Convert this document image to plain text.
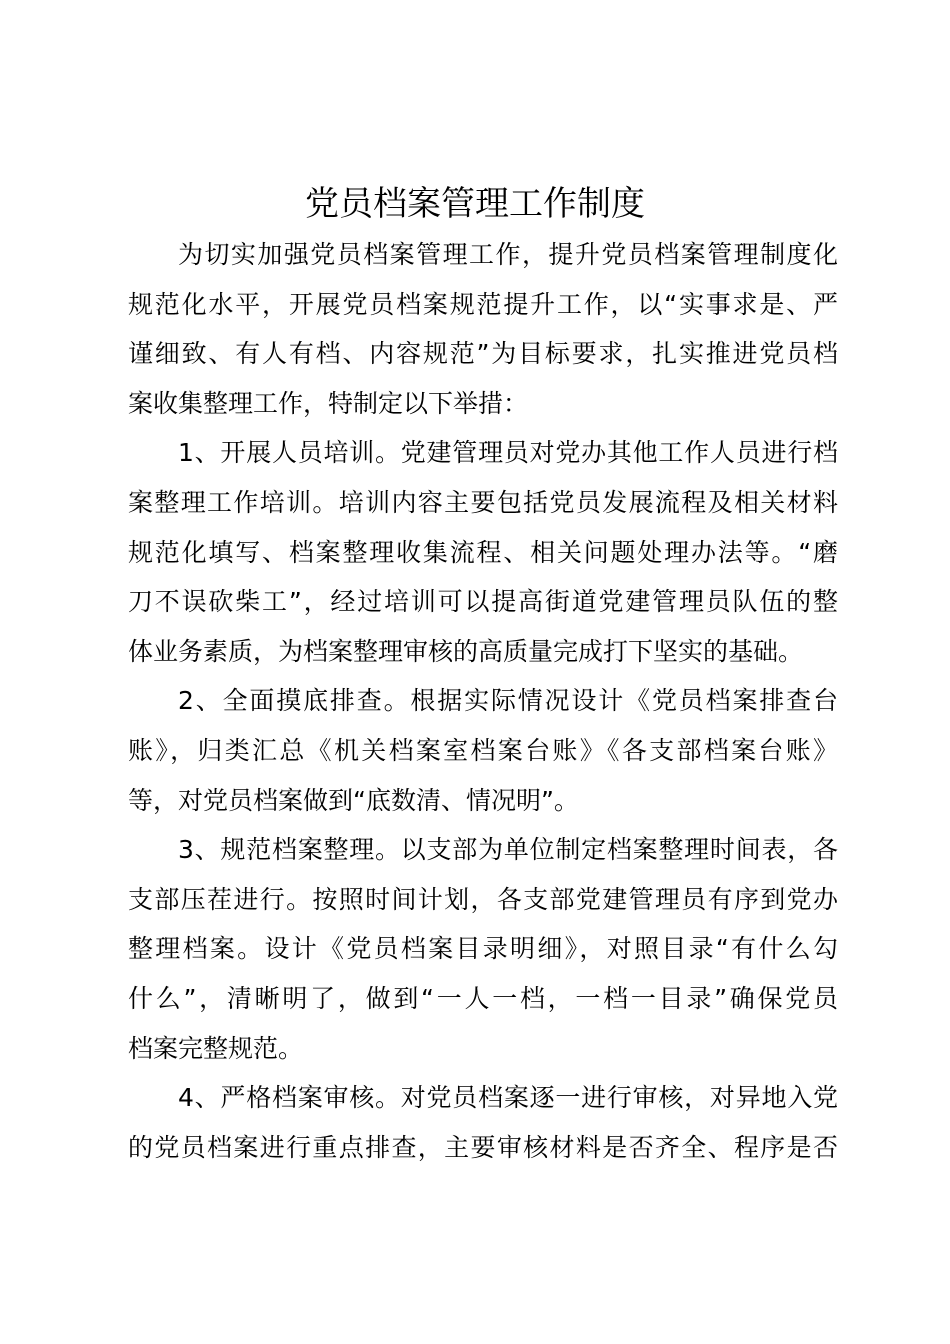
党员档案管理工作制度
为切实加强党员档案管理工作，提升党员档案管理制度化
规范化水平，开展党员档案规范提升工作，以“实事求是、严
谨细致、有人有档、内容规范”为目标要求，扎实推进党员档
案收集整理工作，特制定以下举措：
1、开展人员培训。党建管理员对党办其他工作人员进行档
案整理工作培训。培训内容主要包括党员发展流程及相关材料
规范化填写、档案整理收集流程、相关问题处理办法等。“磨
刀不误砍柴工”，经过培训可以提高街道党建管理员队伍的整
体业务素质，为档案整理审核的高质量完成打下坚实的基础。
2、全面摸底排查。根据实际情况设计《党员档案排查台
账》，归类汇总《机关档案室档案台账》《各支部档案台账》
等，对党员档案做到“底数清、情况明”。
3、规范档案整理。以支部为单位制定档案整理时间表，各
支部压茬进行。按照时间计划，各支部党建管理员有序到党办
整理档案。设计《党员档案目录明细》，对照目录“有什么勾
什么”，清晰明了，做到“一人一档，一档一目录”确保党员
档案完整规范。
4、严格档案审核。对党员档案逐一进行审核，对异地入党
的党员档案进行重点排查，主要审核材料是否齐全、程序是否
